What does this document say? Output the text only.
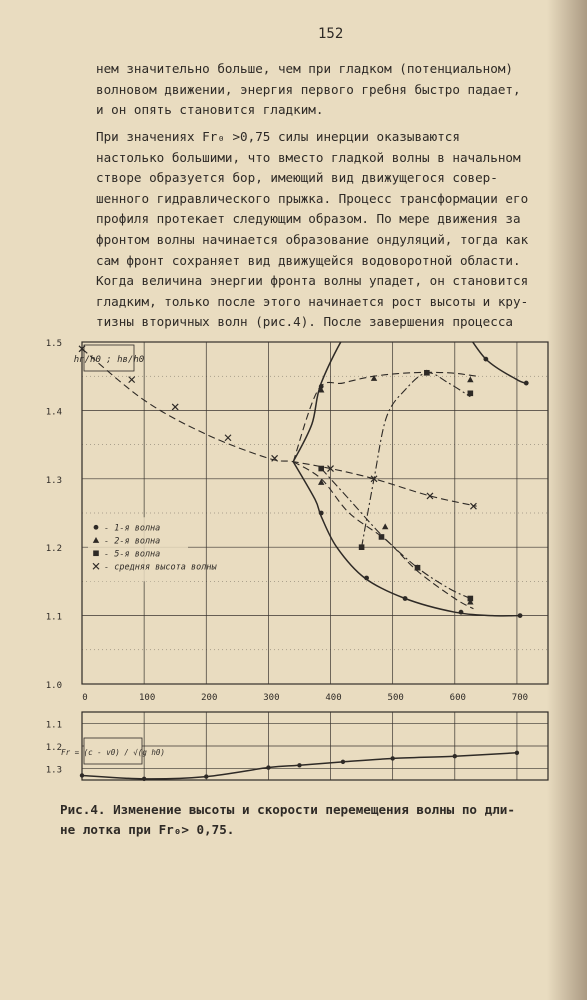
152

нем значительно больше, чем при гладком (потенциальном)
волновом движении, энергия первого гребня быстро падает,
и он опять становится гладким.

При значениях Fr₀ >0,75 силы инерции оказываются
настолько большими, что вместо гладкой волны в начальном
створе образуется бор, имеющий вид движущегося совер-
шенного гидравлического прыжка. Процесс трансформации его
профиля протекает следующим образом. По мере движения за
фронтом волны начинается образование ондуляций, тогда как
сам фронт сохраняет вид движущейся водоворотной области.
Когда величина энергии фронта волны упадет, он становится
гладким, только после этого начинается рост высоты и кру-
тизны вторичных волн (рис.4). После завершения процесса

1.0
1.1
1.2
1.3
1.4
1.5
0	100	200	300	400	500	600	700
hг/h0 ; hв/h0
- 1-я волна
- 2-я волна
- 5-я волна
- средняя высота волны
1.1
1.2
1.3
Fr = (c - v0) / √(g h0)
Рис.4. Изменение высоты и скорости перемещения волны по дли-
не лотка при Fr₀> 0,75.
